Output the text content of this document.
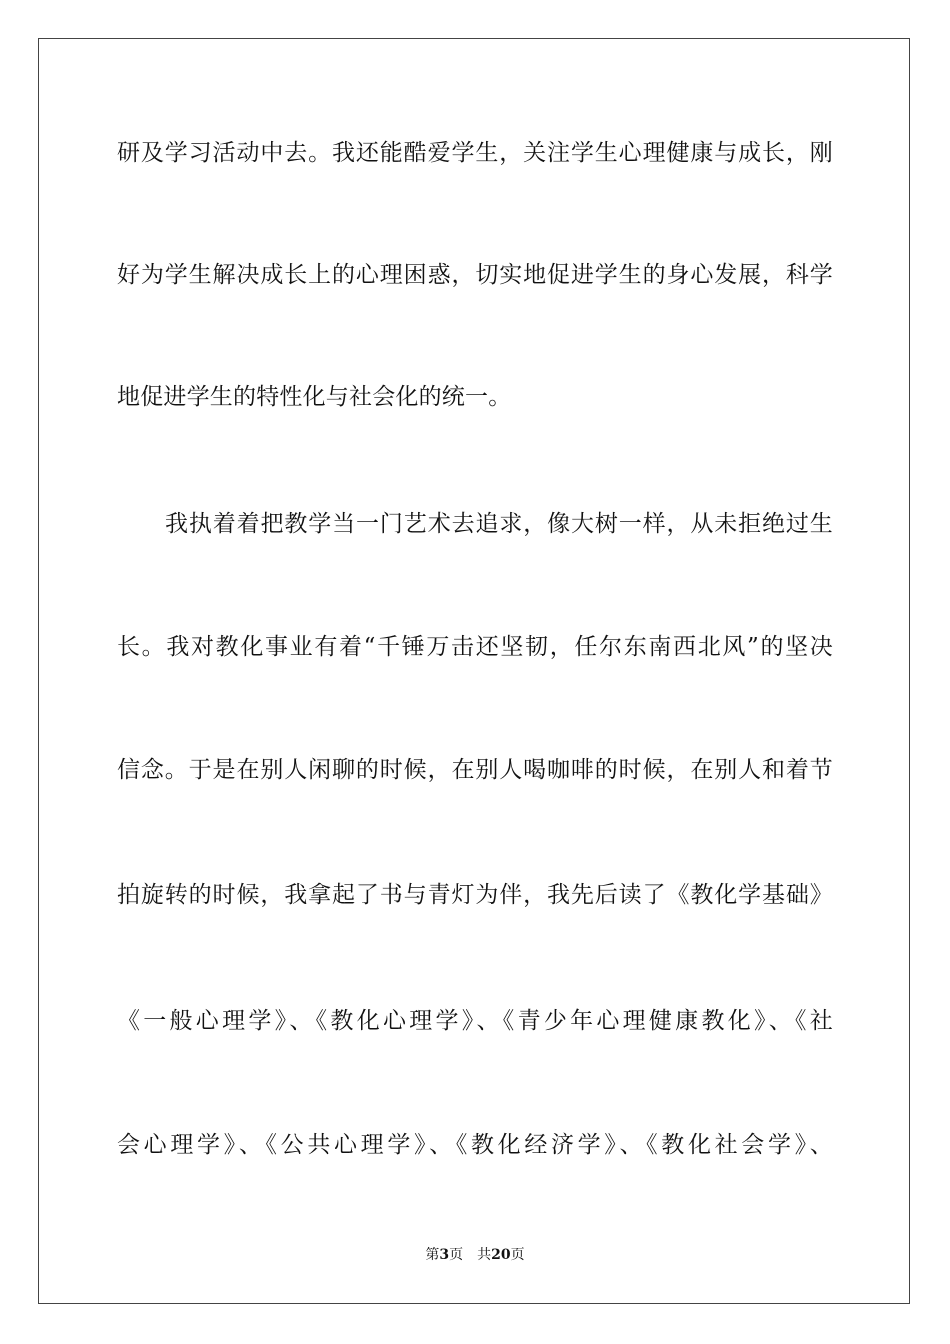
研及学习活动中去。我还能酷爱学生，关注学生心理健康与成长，刚
好为学生解决成长上的心理困惑，切实地促进学生的身心发展，科学
地促进学生的特性化与社会化的统一。
我执着着把教学当一门艺术去追求，像大树一样，从未拒绝过生
长。我对教化事业有着“千锤万击还坚韧，任尔东南西北风”的坚决
信念。于是在别人闲聊的时候，在别人喝咖啡的时候，在别人和着节
拍旋转的时候，我拿起了书与青灯为伴，我先后读了《教化学基础》
《一般心理学》、《教化心理学》、《青少年心理健康教化》、《社
会心理学》、《公共心理学》、《教化经济学》、《教化社会学》、
第3页 共20页
